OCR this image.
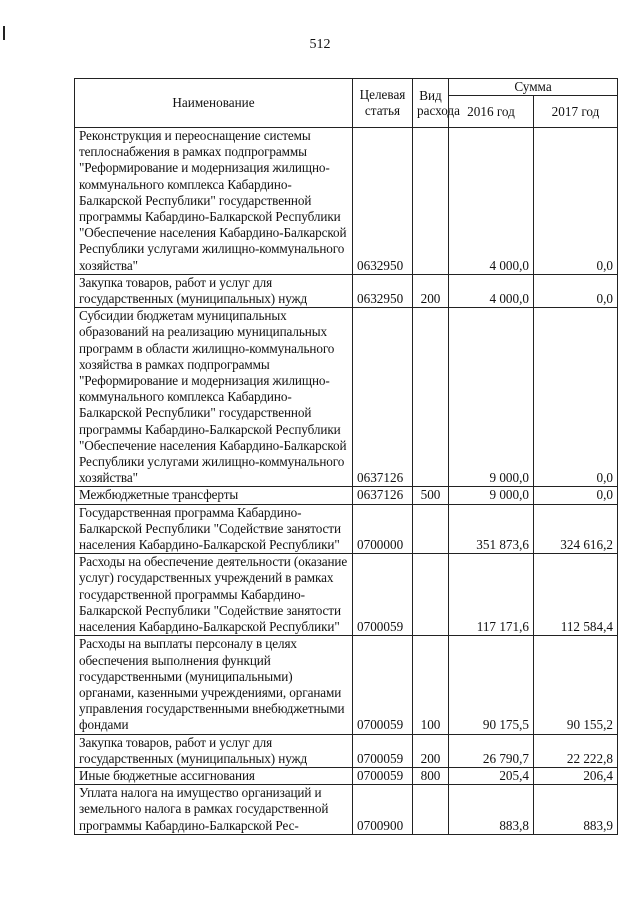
512
Наименование	Целевая статья	Вид расхода	Сумма	
			2016 год	2017 год
Реконструкция и переоснащение системы теплоснабжения в рамках подпрограммы "Реформирование и модернизация жилищно-коммунального комплекса Кабардино-Балкарской Республики" государственной программы Кабардино-Балкарской Республики "Обеспечение населения Кабардино-Балкарской Республики услугами жилищно-коммунального хозяйства"	0632950		4 000,0	0,0
Закупка товаров, работ и услуг для государственных (муниципальных) нужд	0632950	200	4 000,0	0,0
Субсидии бюджетам муниципальных образований на реализацию муниципальных программ в области жилищно-коммунального хозяйства в рамках подпрограммы "Реформирование и модернизация жилищно-коммунального комплекса Кабардино-Балкарской Республики" государственной программы Кабардино-Балкарской Республики "Обеспечение населения Кабардино-Балкарской Республики услугами жилищно-коммунального хозяйства"	0637126		9 000,0	0,0
Межбюджетные трансферты	0637126	500	9 000,0	0,0
Государственная программа Кабардино-Балкарской Республики "Содействие занятости населения Кабардино-Балкарской Республики"	0700000		351 873,6	324 616,2
Расходы на обеспечение деятельности (оказание услуг) государственных учреждений в рамках государственной программы Кабардино-Балкарской Республики "Содействие занятости населения Кабардино-Балкарской Республики"	0700059		117 171,6	112 584,4
Расходы на выплаты персоналу в целях обеспечения выполнения функций государственными (муниципальными) органами, казенными учреждениями, органами управления государственными внебюджетными фондами	0700059	100	90 175,5	90 155,2
Закупка товаров, работ и услуг для государственных (муниципальных) нужд	0700059	200	26 790,7	22 222,8
Иные бюджетные ассигнования	0700059	800	205,4	206,4
Уплата налога на имущество организаций и земельного налога в рамках государственной программы Кабардино-Балкарской Рес-	0700900		883,8	883,9
